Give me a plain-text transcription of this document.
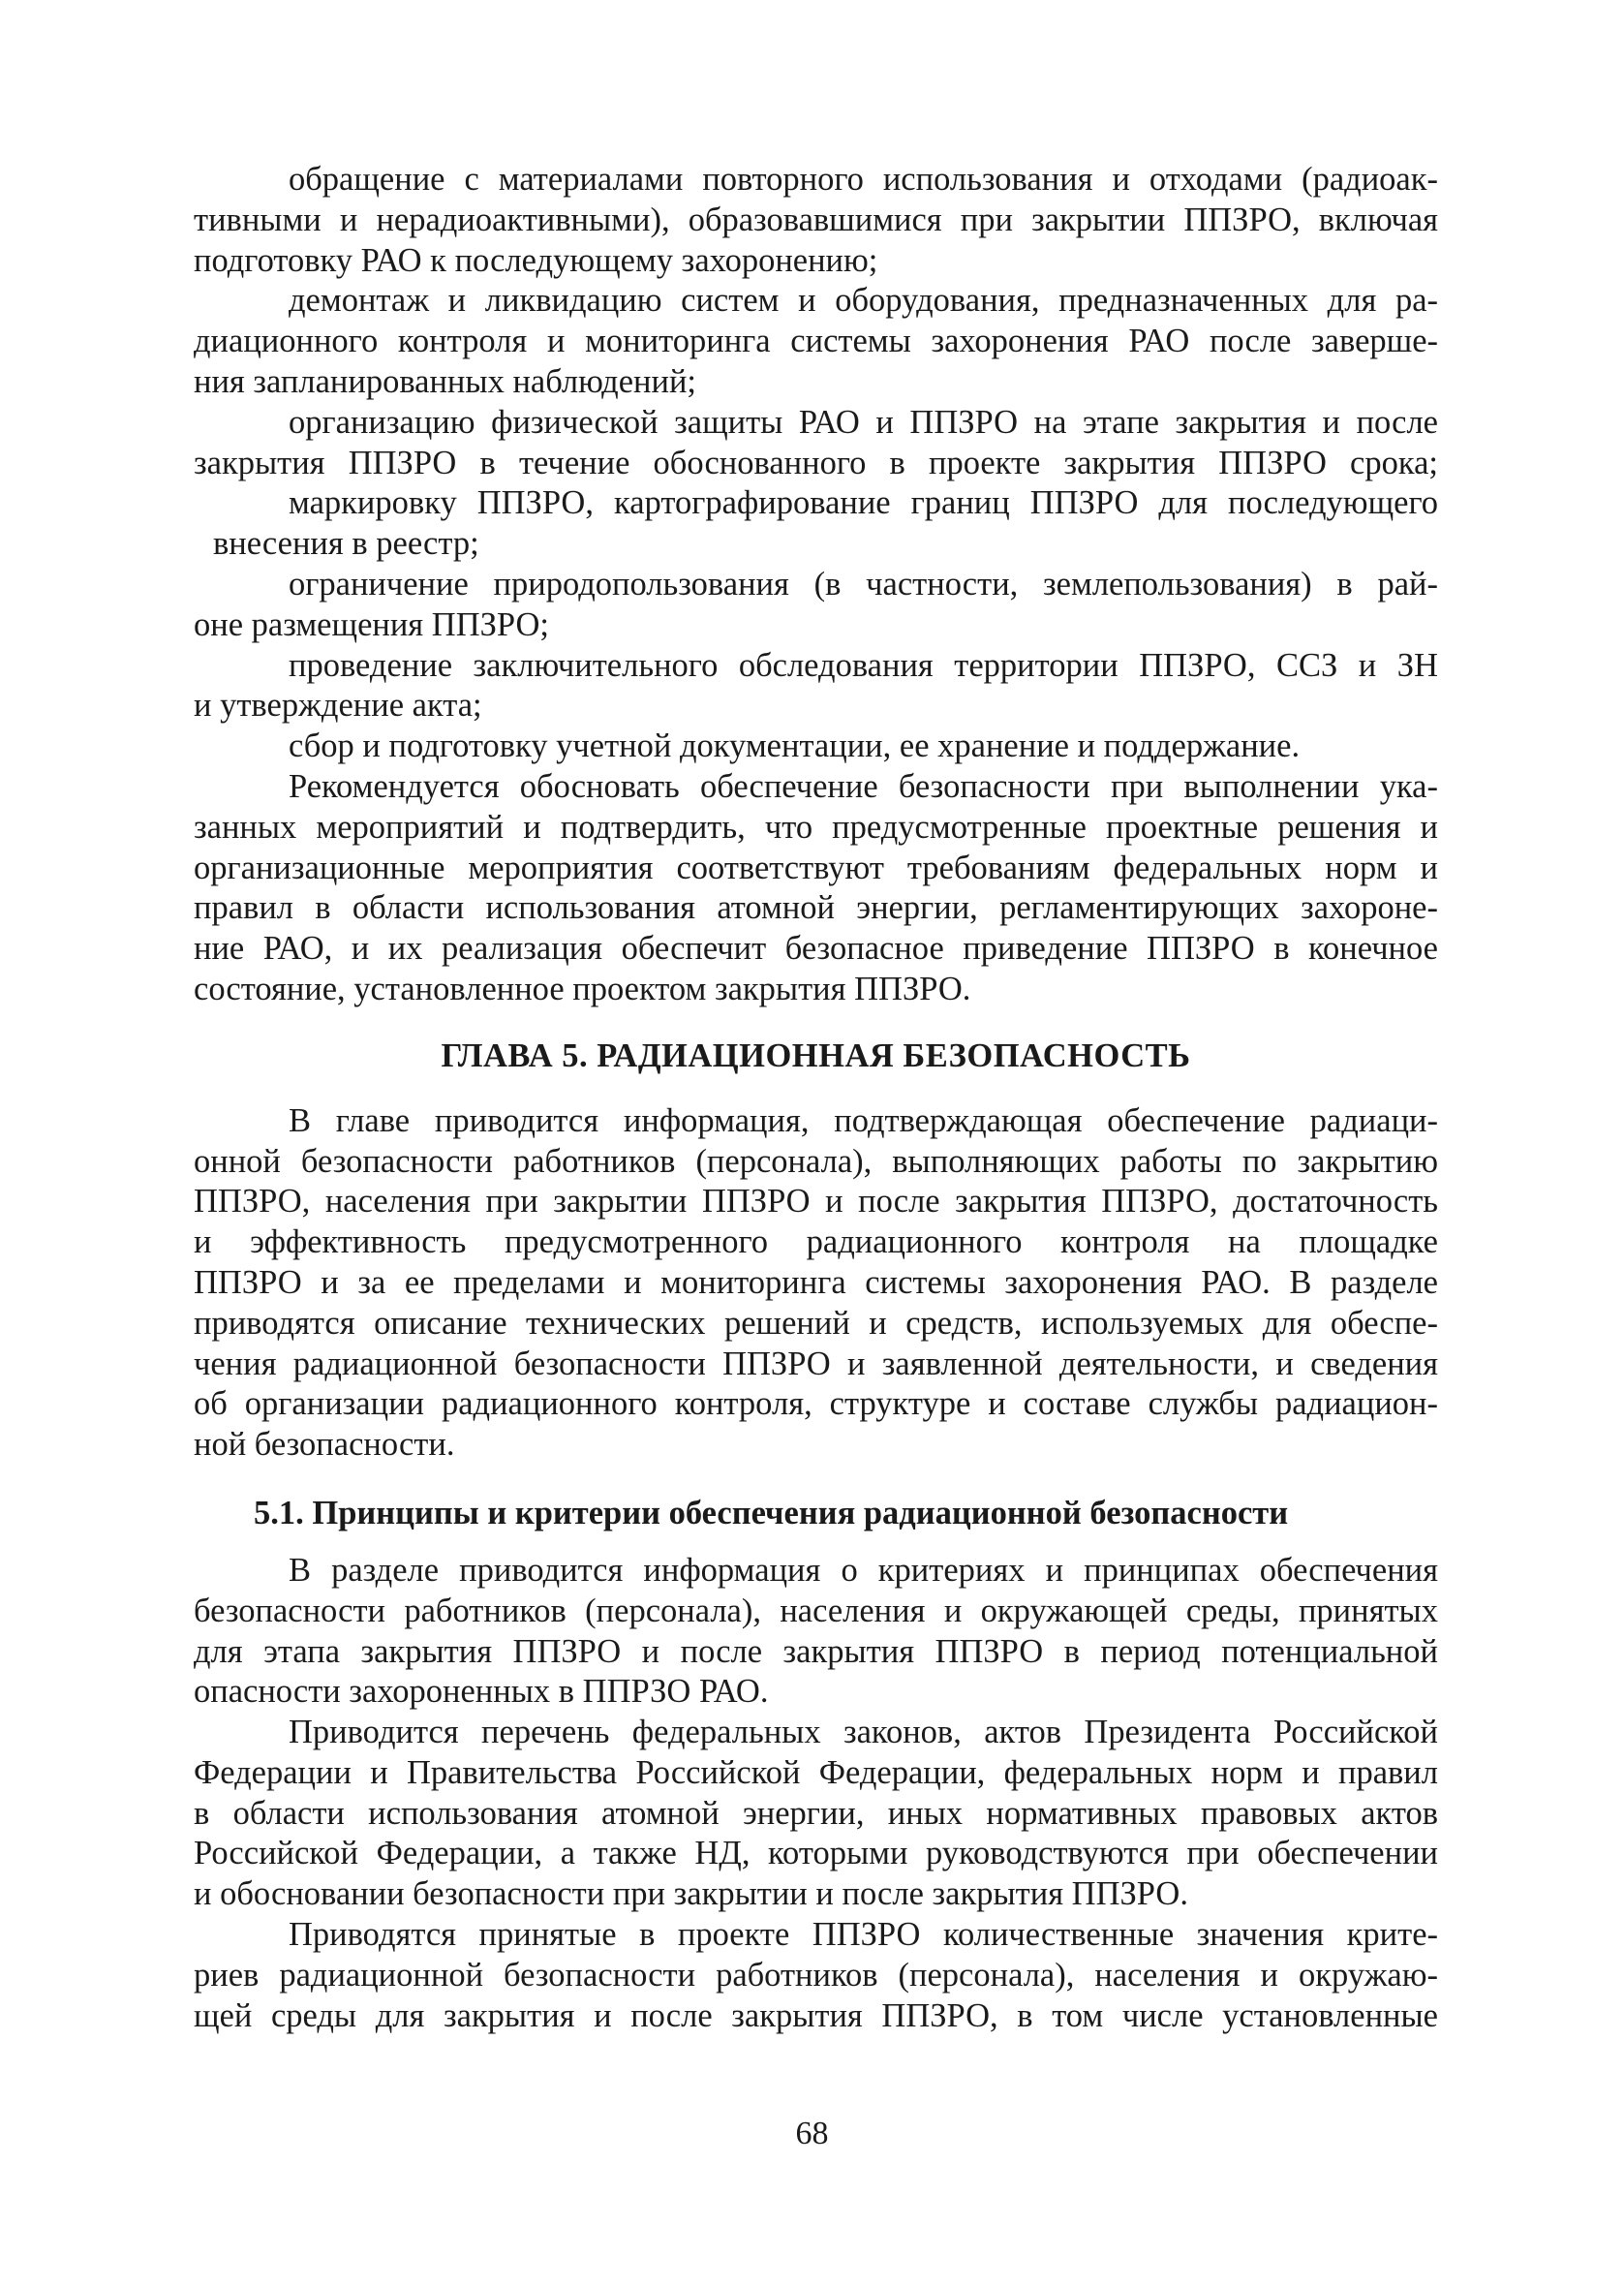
обращение с материалами повторного использования и отходами (радиоак-
тивными и нерадиоактивными), образовавшимися при закрытии ППЗРО, включая
подготовку РАО к последующему захоронению;
демонтаж и ликвидацию систем и оборудования, предназначенных для ра-
диационного контроля и мониторинга системы захоронения РАО после заверше-
ния запланированных наблюдений;
организацию физической защиты РАО и ППЗРО на этапе закрытия и после
закрытия ППЗРО в течение обоснованного в проекте закрытия ППЗРО срока;
маркировку ППЗРО, картографирование границ ППЗРО для последующего
внесения в реестр;
ограничение природопользования (в частности, землепользования) в рай-
оне размещения ППЗРО;
проведение заключительного обследования территории ППЗРО, ССЗ и ЗН
и утверждение акта;
сбор и подготовку учетной документации, ее хранение и поддержание.
Рекомендуется обосновать обеспечение безопасности при выполнении ука-
занных мероприятий и подтвердить, что предусмотренные проектные решения и
организационные мероприятия соответствуют требованиям федеральных норм и
правил в области использования атомной энергии, регламентирующих захороне-
ние РАО, и их реализация обеспечит безопасное приведение ППЗРО в конечное
состояние, установленное проектом закрытия ППЗРО.
ГЛАВА 5. РАДИАЦИОННАЯ БЕЗОПАСНОСТЬ
В главе приводится информация, подтверждающая обеспечение радиаци-
онной безопасности работников (персонала), выполняющих работы по закрытию
ППЗРО, населения при закрытии ППЗРО и после закрытия ППЗРО, достаточность
и эффективность предусмотренного радиационного контроля на площадке
ППЗРО и за ее пределами и мониторинга системы захоронения РАО. В разделе
приводятся описание технических решений и средств, используемых для обеспе-
чения радиационной безопасности ППЗРО и заявленной деятельности, и сведения
об организации радиационного контроля, структуре и составе службы радиацион-
ной безопасности.
5.1. Принципы и критерии обеспечения радиационной безопасности
В разделе приводится информация о критериях и принципах обеспечения
безопасности работников (персонала), населения и окружающей среды, принятых
для этапа закрытия ППЗРО и после закрытия ППЗРО в период потенциальной
опасности захороненных в ППРЗО РАО.
Приводится перечень федеральных законов, актов Президента Российской
Федерации и Правительства Российской Федерации, федеральных норм и правил
в области использования атомной энергии, иных нормативных правовых актов
Российской Федерации, а также НД, которыми руководствуются при обеспечении
и обосновании безопасности при закрытии и после закрытия ППЗРО.
Приводятся принятые в проекте ППЗРО количественные значения крите-
риев радиационной безопасности работников (персонала), населения и окружаю-
щей среды для закрытия и после закрытия ППЗРО, в том числе установленные
68
